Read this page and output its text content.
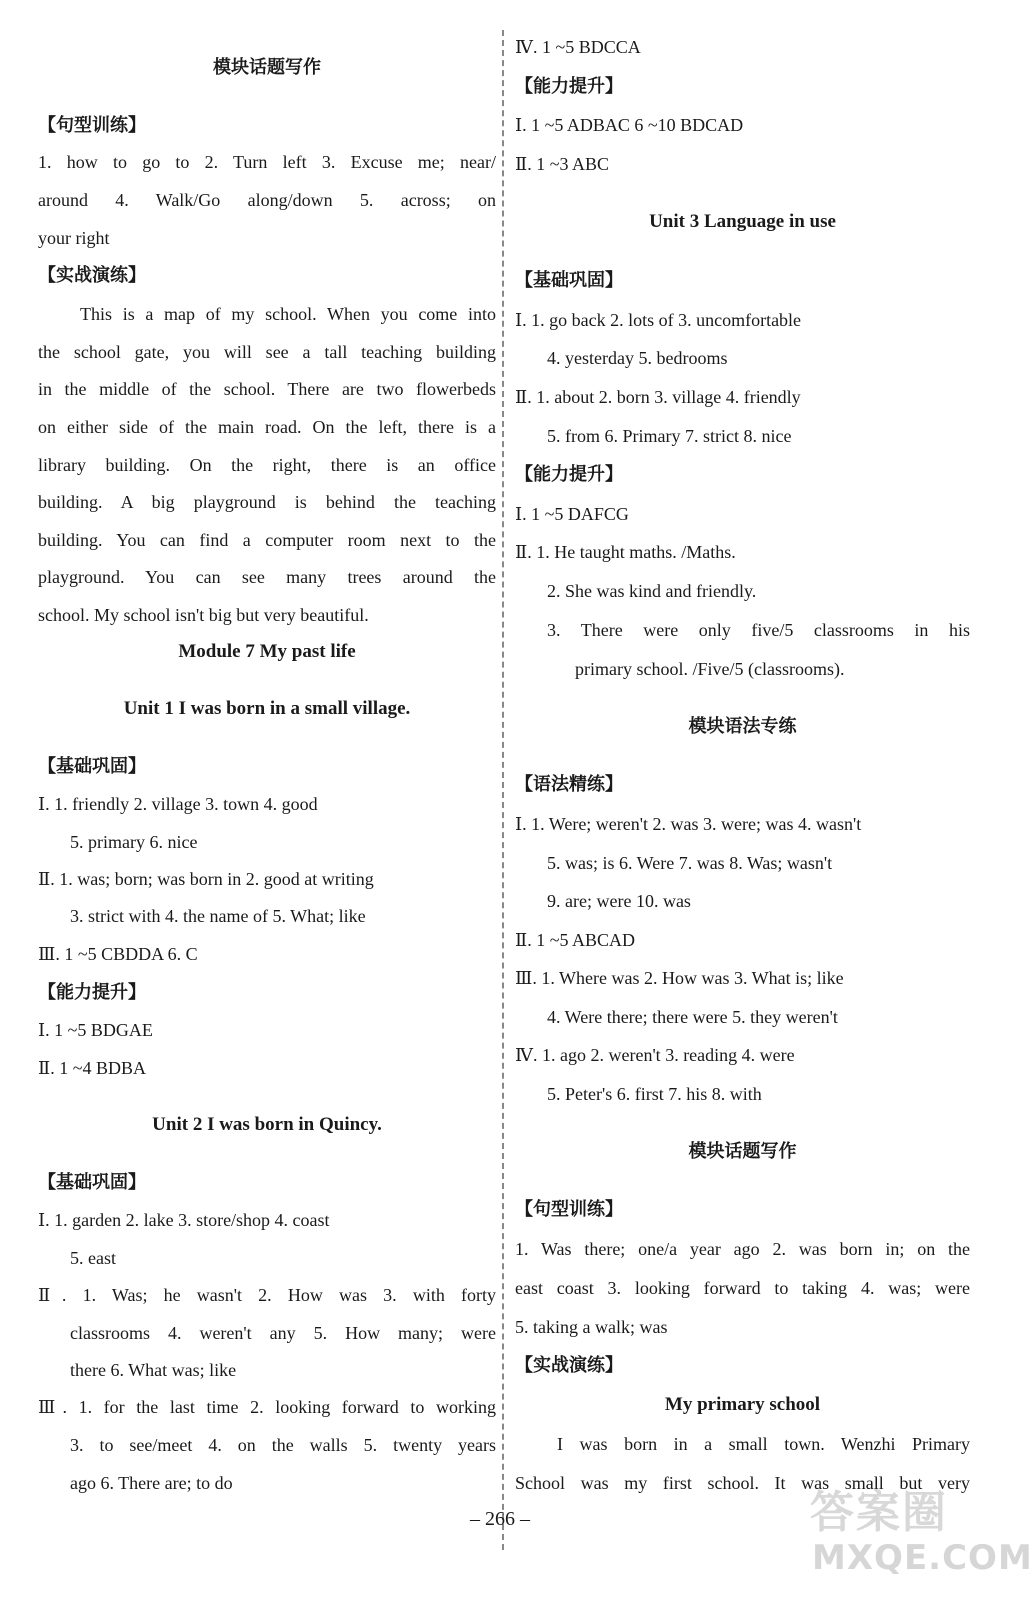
模块话题写作
【句型训练】
1. how to go to 2. Turn left 3. Excuse me; near/
around 4. Walk/Go along/down 5. across; on
your right
【实战演练】
This is a map of my school. When you come into
the school gate, you will see a tall teaching building
in the middle of the school. There are two flowerbeds
on either side of the main road. On the left, there is a
library building. On the right, there is an office
building. A big playground is behind the teaching
building. You can find a computer room next to the
playground. You can see many trees around the
school. My school isn't big but very beautiful.
Module 7 My past life
Unit 1 I was born in a small village.
【基础巩固】
Ⅰ. 1. friendly 2. village 3. town 4. good
5. primary 6. nice
Ⅱ. 1. was; born; was born in 2. good at writing
3. strict with 4. the name of 5. What; like
Ⅲ. 1 ~5 CBDDA 6. C
【能力提升】
Ⅰ. 1 ~5 BDGAE
Ⅱ. 1 ~4 BDBA
Unit 2 I was born in Quincy.
【基础巩固】
Ⅰ. 1. garden 2. lake 3. store/shop 4. coast
5. east
Ⅱ. 1. Was; he wasn't 2. How was 3. with forty
classrooms 4. weren't any 5. How many; were
there 6. What was; like
Ⅲ. 1. for the last time 2. looking forward to working
3. to see/meet 4. on the walls 5. twenty years
ago 6. There are; to do
Ⅳ. 1 ~5 BDCCA
【能力提升】
Ⅰ. 1 ~5 ADBAC 6 ~10 BDCAD
Ⅱ. 1 ~3 ABC
Unit 3 Language in use
【基础巩固】
Ⅰ. 1. go back 2. lots of 3. uncomfortable
4. yesterday 5. bedrooms
Ⅱ. 1. about 2. born 3. village 4. friendly
5. from 6. Primary 7. strict 8. nice
【能力提升】
Ⅰ. 1 ~5 DAFCG
Ⅱ. 1. He taught maths. /Maths.
2. She was kind and friendly.
3. There were only five/5 classrooms in his
primary school. /Five/5 (classrooms).
模块语法专练
【语法精练】
Ⅰ. 1. Were; weren't 2. was 3. were; was 4. wasn't
5. was; is 6. Were 7. was 8. Was; wasn't
9. are; were 10. was
Ⅱ. 1 ~5 ABCAD
Ⅲ. 1. Where was 2. How was 3. What is; like
4. Were there; there were 5. they weren't
Ⅳ. 1. ago 2. weren't 3. reading 4. were
5. Peter's 6. first 7. his 8. with
模块话题写作
【句型训练】
1. Was there; one/a year ago 2. was born in; on the
east coast 3. looking forward to taking 4. was; were
5. taking a walk; was
【实战演练】
My primary school
I was born in a small town. Wenzhi Primary
School was my first school. It was small but very
– 266 –	答案圈
MXQE.COM
